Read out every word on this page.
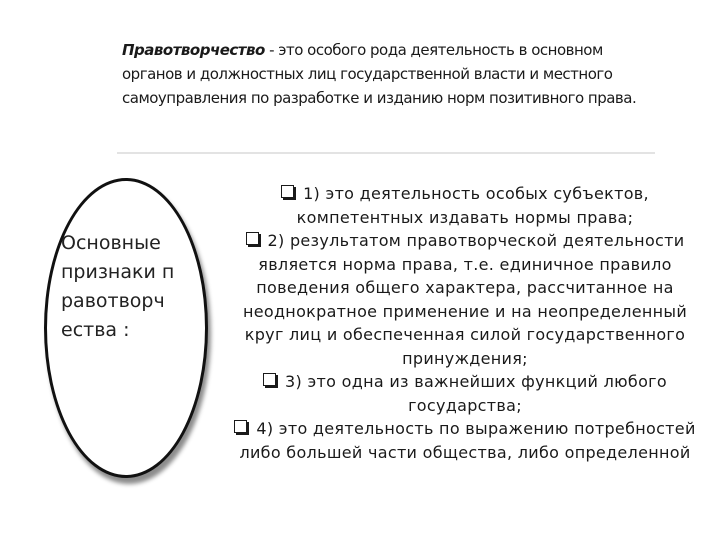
Правотворчество - это особого рода деятельность в основном органов и должностных лиц государственной власти и местного самоуправления по разработке и изданию норм позитивного права.
Основные признаки правотворчества :

1) это деятельность особых субъектов, компетентных издавать нормы права;

2) результатом правотворческой деятельности является норма права, т.е. единичное правило поведения общего характера, рассчитанное на неоднократное применение и на неопределенный круг лиц и обеспеченная силой государственного принуждения;

3) это одна из важнейших функций любого государства;

4) это деятельность по выражению потребностей либо большей части общества, либо определенной
